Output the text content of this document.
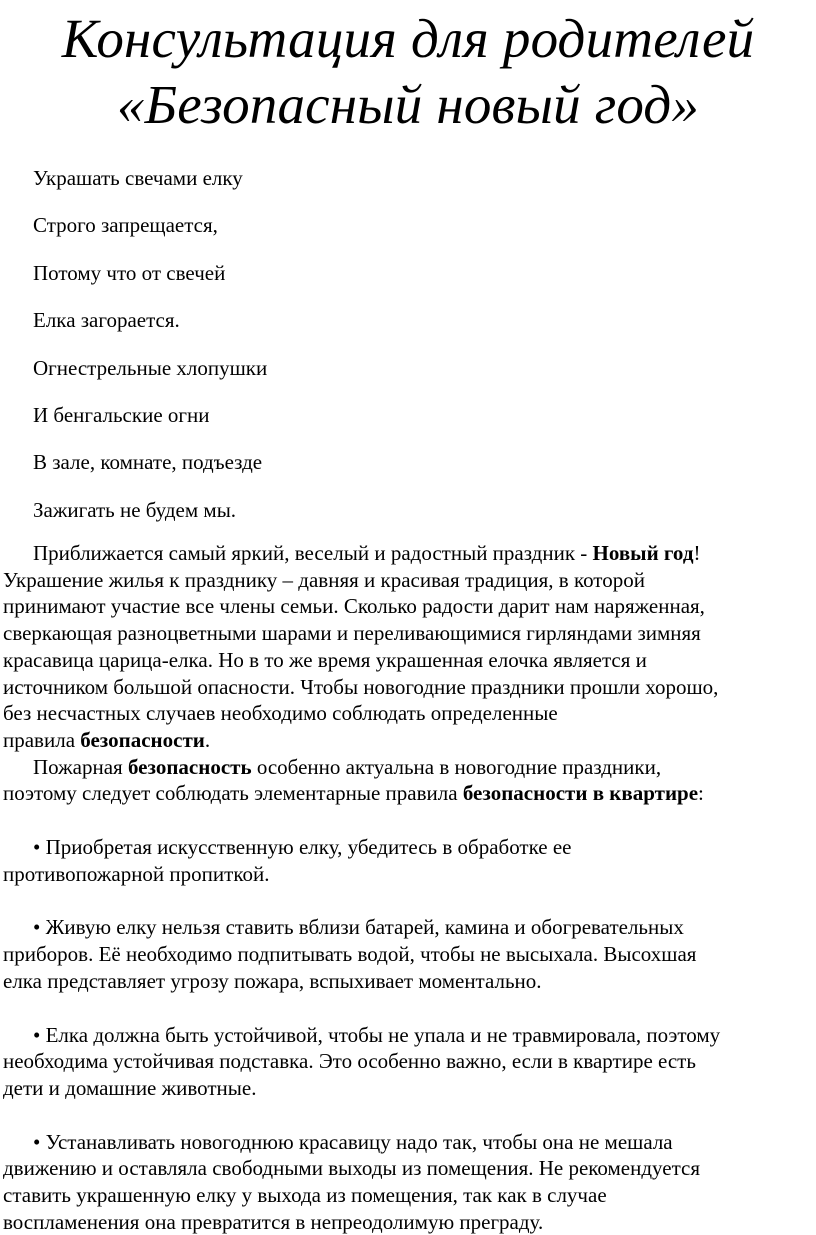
Консультация для родителей
«Безопасный новый год»
Украшать свечами елку
Строго запрещается,
Потому что от свечей
Елка загорается.
Огнестрельные хлопушки
И бенгальские огни
В зале, комнате, подъезде
Зажигать не будем мы.

Приближается самый яркий, веселый и радостный праздник - Новый год!
Украшение жилья к празднику – давняя и красивая традиция, в которой
принимают участие все члены семьи. Сколько радости дарит нам наряженная,
сверкающая разноцветными шарами и переливающимися гирляндами зимняя
красавица царица-елка. Но в то же время украшенная елочка является и
источником большой опасности. Чтобы новогодние праздники прошли хорошо,
без несчастных случаев необходимо соблюдать определенные
правила безопасности.

Пожарная безопасность особенно актуальна в новогодние праздники,
поэтому следует соблюдать элементарные правила безопасности в квартире:

• Приобретая искусственную елку, убедитесь в обработке ее
противопожарной пропиткой.

• Живую елку нельзя ставить вблизи батарей, камина и обогревательных
приборов. Её необходимо подпитывать водой, чтобы не высыхала. Высохшая
елка представляет угрозу пожара, вспыхивает моментально.

• Елка должна быть устойчивой, чтобы не упала и не травмировала, поэтому
необходима устойчивая подставка. Это особенно важно, если в квартире есть
дети и домашние животные.

• Устанавливать новогоднюю красавицу надо так, чтобы она не мешала
движению и оставляла свободными выходы из помещения. Не рекомендуется
ставить украшенную елку у выхода из помещения, так как в случае
воспламенения она превратится в непреодолимую преграду.
